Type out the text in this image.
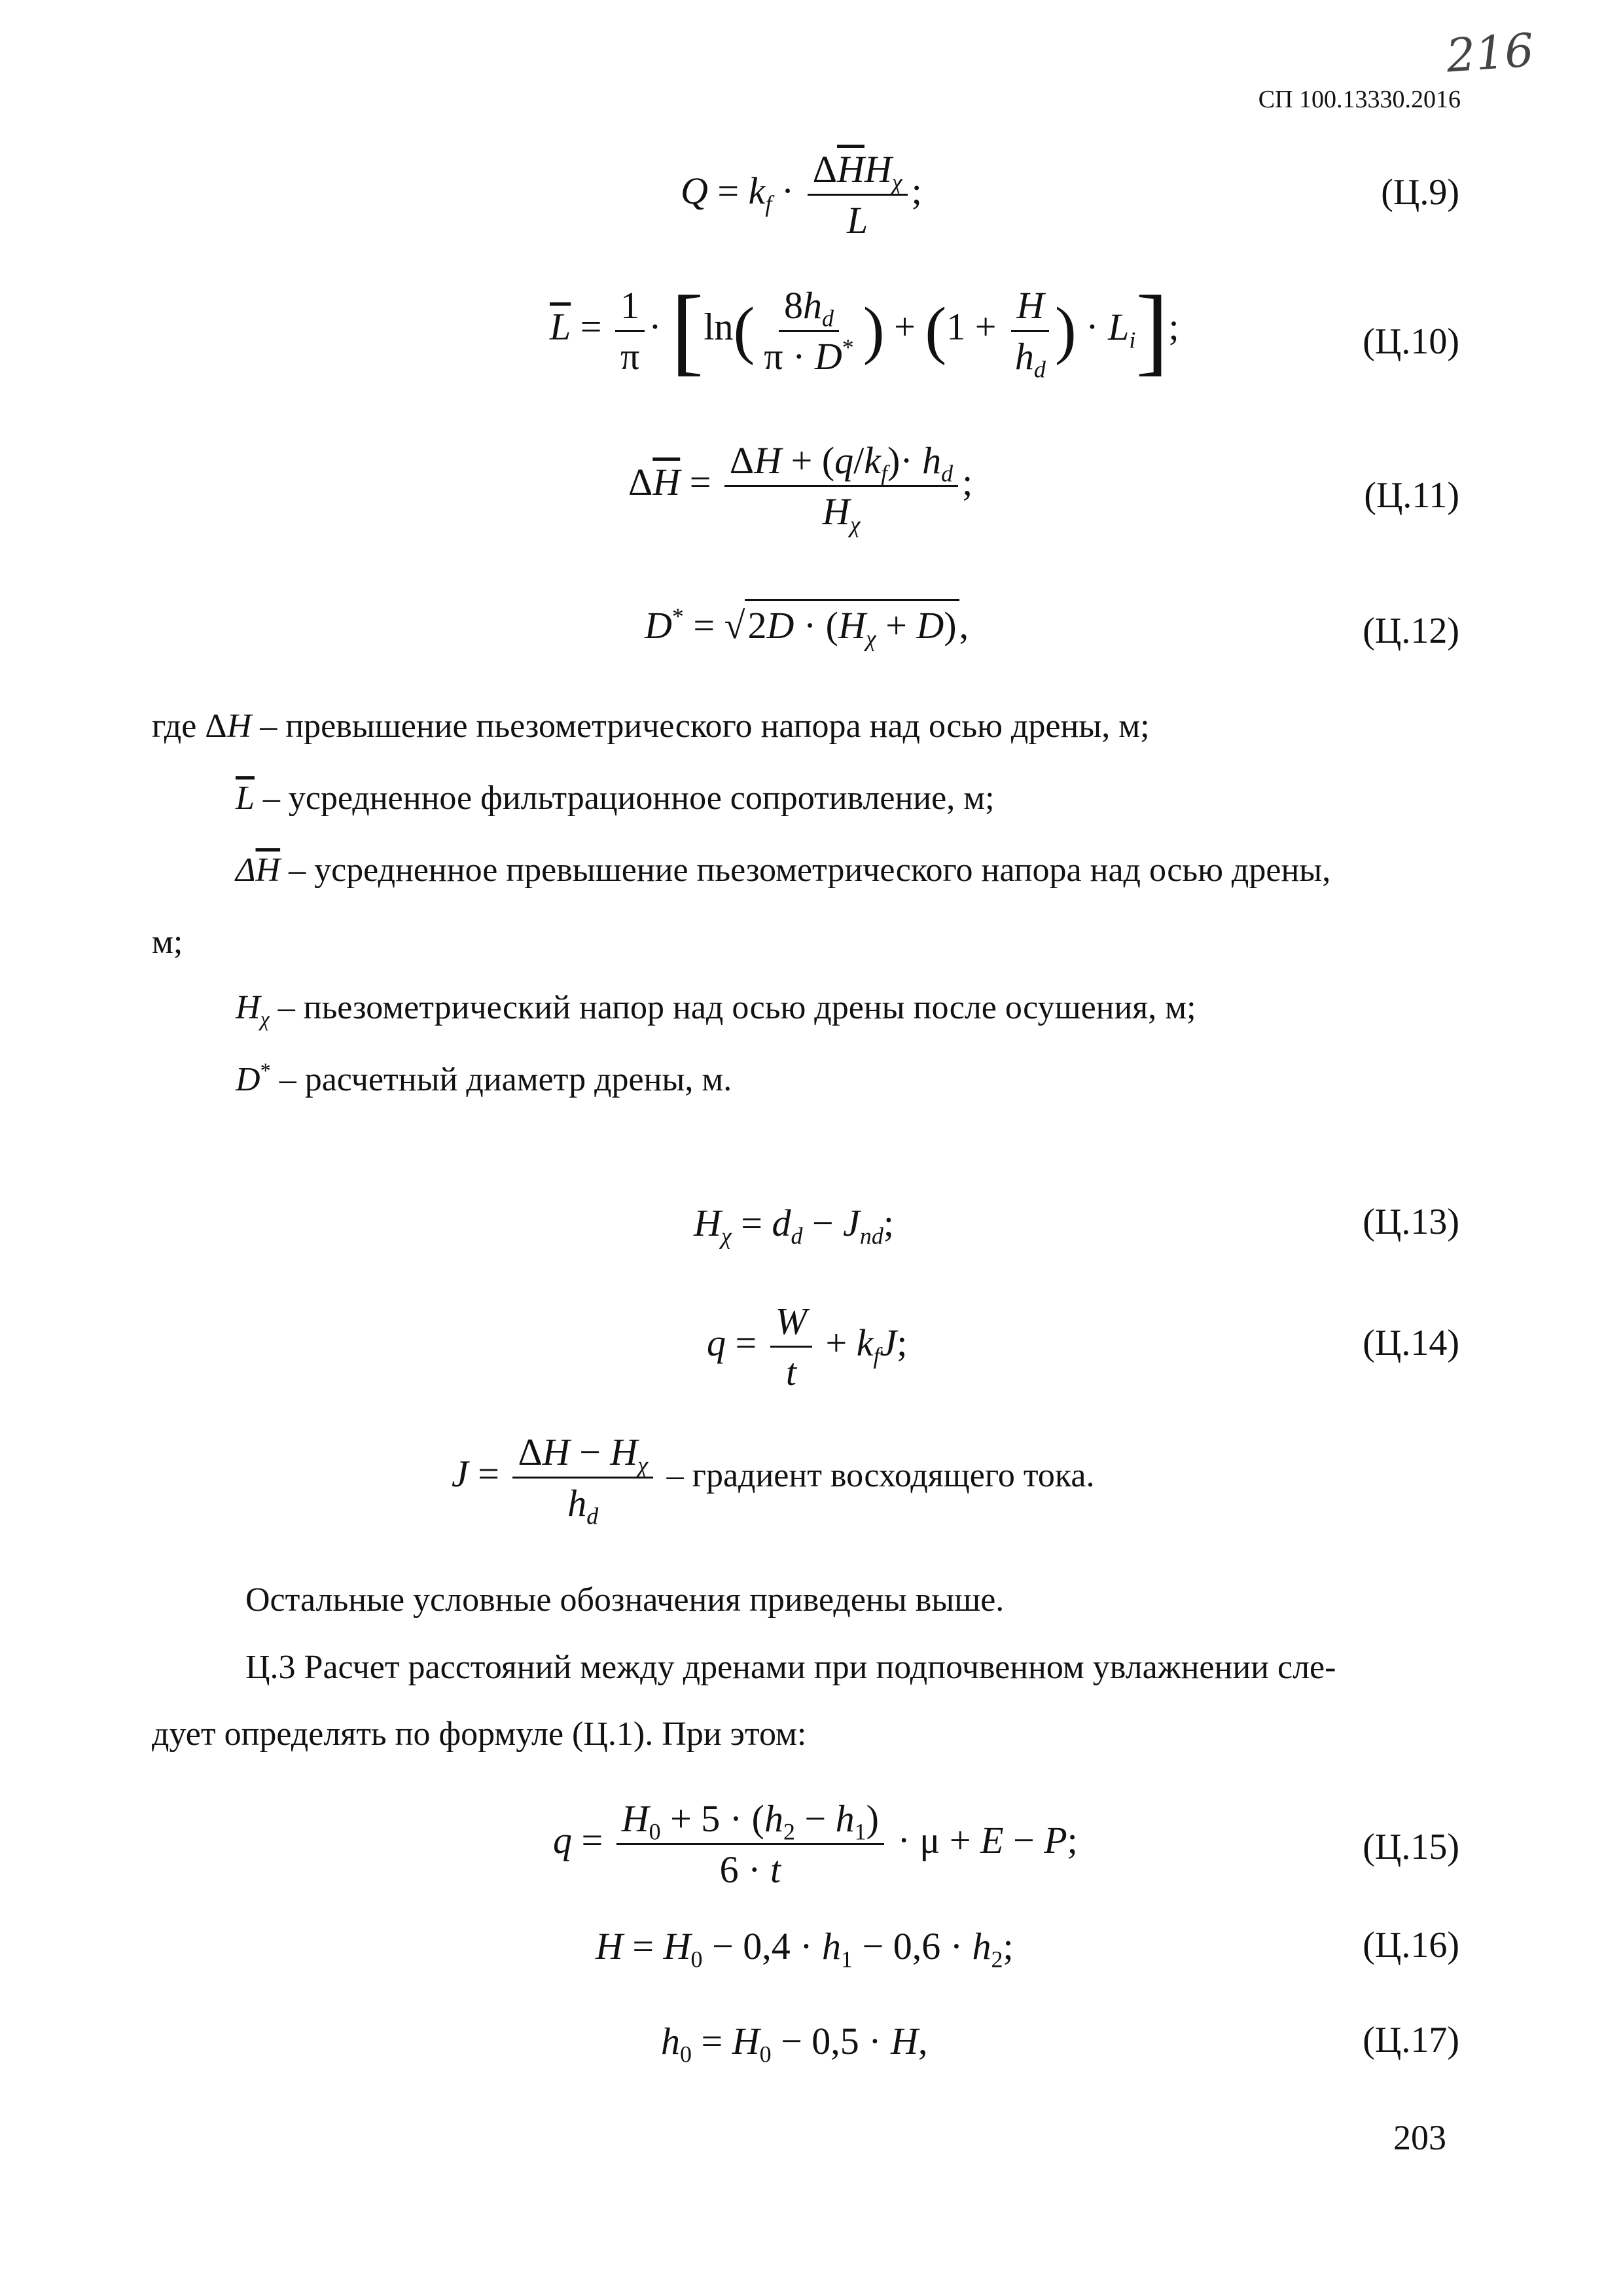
216
СП 100.13330.2016
$Q = k_f \cdot \frac{\Delta\overline{H}H_\chi}{L}$ ;	(Ц.9)
$\overline{L} = \frac{1}{\pi} \cdot [\ln( \frac{8h_d}{\pi \cdot D^*}$ ) + ($1 + \frac{H}{h_d}$ ) · $L_i$];	(Ц.10)
$\Delta\overline{H} = \frac{\Delta H + (q/k_f)\cdot h_d}{H_\chi}$ ;	(Ц.11)
D* = √ $2D \cdot (H_\chi + D)$ ,	(Ц.12)
где ΔH – превышение пьезометрического напора над осью дрены, м;
$\overline{L}$ – усредненное фильтрационное сопротивление, м;
$\Delta\overline{H}$ – усредненное превышение пьезометрического напора над осью дрены,
м;
$H_\chi$ – пьезометрический напор над осью дрены после осушения, м;
D* – расчетный диаметр дрены, м.
$H_\chi = d_d - J_{nd}$;	(Ц.13)
$q = \frac{W}{t} + k_fJ$;	(Ц.14)
$J = \frac{\Delta H - H_\chi}{h_d}$ – градиент восходящего тока.
Остальные условные обозначения приведены выше.
Ц.3 Расчет расстояний между дренами при подпочвенном увлажнении сле-
дует определять по формуле (Ц.1). При этом:
$q = \frac{H_0 + 5 \cdot (h_2 - h_1)}{6 \cdot t} \cdot \mu + E - P$;	(Ц.15)
$H = H_0 - 0,4 \cdot h_1 - 0,6 \cdot h_2$;	(Ц.16)
$h_0 = H_0 - 0,5 \cdot H$,	(Ц.17)
203
